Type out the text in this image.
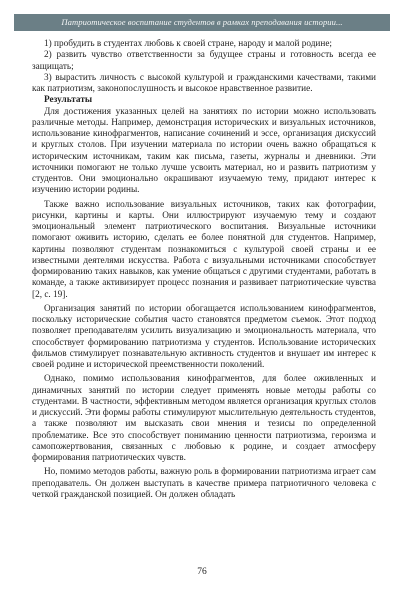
Патриотическое воспитание студентов в рамках преподавания истории...

1) пробудить в студентах любовь к своей стране, народу и малой родине;

2) развить чувство ответственности за будущее страны и готовность всегда ее защищать;

3) вырастить личность с высокой культурой и гражданскими качествами, такими как патриотизм, законопослушность и высокое нравственное развитие.

Результаты

Для достижения указанных целей на занятиях по истории можно использовать различные методы. Например, демонстрация исторических и визуальных источников, использование кинофрагментов, написание сочинений и эссе, организация дискуссий и круглых столов. При изучении материала по истории очень важно обращаться к историческим источникам, таким как письма, газеты, журналы и дневники. Эти источники помогают не только лучше усвоить материал, но и развить патриотизм у студентов. Они эмоционально окрашивают изучаемую тему, придают интерес к изучению истории родины.

Также важно использование визуальных источников, таких как фотографии, рисунки, картины и карты. Они иллюстрируют изучаемую тему и создают эмоциональный элемент патриотического воспитания. Визуальные источники помогают оживить историю, сделать ее более понятной для студентов. Например, картины позволяют студентам познакомиться с культурой своей страны и ее известными деятелями искусства. Работа с визуальными источниками способствует формированию таких навыков, как умение общаться с другими студентами, работать в команде, а также активизирует процесс познания и развивает патриотические чувства [2, с. 19].

Организация занятий по истории обогащается использованием кинофрагментов, поскольку исторические события часто становятся предметом съемок. Этот подход позволяет преподавателям усилить визуализацию и эмоциональность материала, что способствует формированию патриотизма у студентов. Использование исторических фильмов стимулирует познавательную активность студентов и внушает им интерес к своей родине и исторической преемственности поколений.

Однако, помимо использования кинофрагментов, для более оживленных и динамичных занятий по истории следует применять новые методы работы со студентами. В частности, эффективным методом является организация круглых столов и дискуссий. Эти формы работы стимулируют мыслительную деятельность студентов, а также позволяют им высказать свои мнения и тезисы по определенной проблематике. Все это способствует пониманию ценности патриотизма, героизма и самопожертвования, связанных с любовью к родине, и создает атмосферу формирования патриотических чувств.

Но, помимо методов работы, важную роль в формировании патриотизма играет сам преподаватель. Он должен выступать в качестве примера патриотичного человека с четкой гражданской позицией. Он должен обладать

76
